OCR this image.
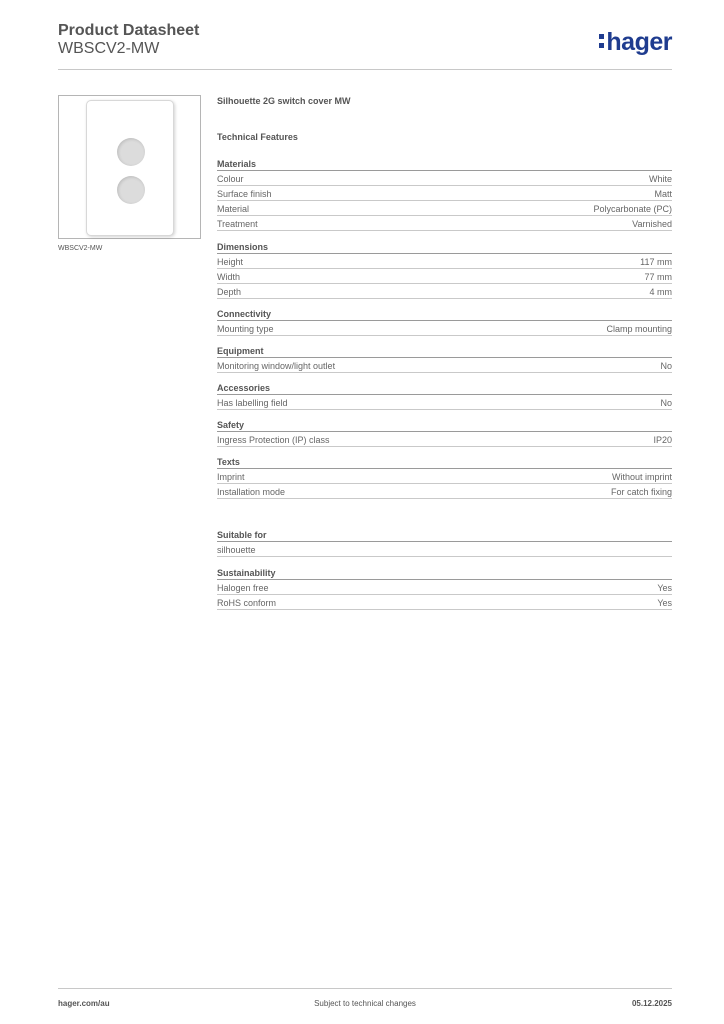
Product Datasheet
WBSCV2-MW	hager
WBSCV2-MW
Silhouette 2G switch cover MW
Technical Features
Materials
Colour	White
Surface finish	Matt
Material	Polycarbonate (PC)
Treatment	Varnished
Dimensions
Height	117 mm
Width	77 mm
Depth	4 mm
Connectivity
Mounting type	Clamp mounting
Equipment
Monitoring window/light outlet	No
Accessories
Has labelling field	No
Safety
Ingress Protection (IP) class	IP20
Texts
Imprint	Without imprint
Installation mode	For catch fixing
Suitable for
silhouette
Sustainability
Halogen free	Yes
RoHS conform	Yes
hager.com/au	Subject to technical changes	05.12.2025
